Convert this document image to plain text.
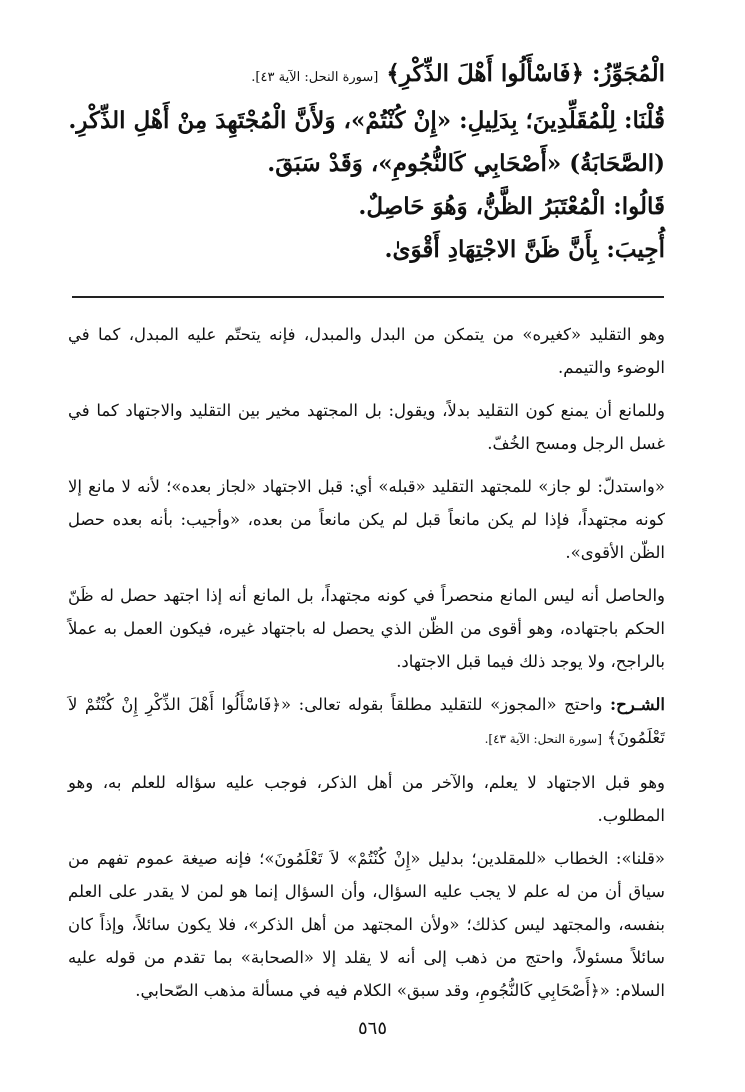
الْمُجَوِّزُ: ﴿فَاسْأَلُوا أَهْلَ الذِّكْرِ﴾ [سورة النحل: الآية ٤٣].
قُلْنَا: لِلْمُقَلِّدِينَ؛ بِدَلِيلِ: «إِنْ كُنْتُمْ»، وَلأَنَّ الْمُجْتَهِدَ مِنْ أَهْلِ الذِّكْرِ.
(الصَّحَابَةُ) «أَصْحَابِي كَالنُّجُومِ»، وَقَدْ سَبَقَ.
قَالُوا: الْمُعْتَبَرُ الظَّنُّ، وَهُوَ حَاصِلٌ.
أُجِيبَ: بِأَنَّ ظَنَّ الاجْتِهَادِ أَقْوَىٰ.

وهو التقليد «كغيره» من يتمكن من البدل والمبدل، فإنه يتحتّم عليه المبدل، كما في الوضوء والتيمم.

وللمانع أن يمنع كون التقليد بدلاً، ويقول: بل المجتهد مخير بين التقليد والاجتهاد كما في غسل الرجل ومسح الخُفّ.

«واستدلّ: لو جاز» للمجتهد التقليد «قبله» أي: قبل الاجتهاد «لجاز بعده»؛ لأنه لا مانع إلا كونه مجتهداً، فإذا لم يكن مانعاً قبل لم يكن مانعاً من بعده، «وأجيب: بأنه بعده حصل الظّن الأقوى».

والحاصل أنه ليس المانع منحصراً في كونه مجتهداً، بل المانع أنه إذا اجتهد حصل له ظَنّ الحكم باجتهاده، وهو أقوى من الظّن الذي يحصل له باجتهاد غيره، فيكون العمل به عملاً بالراجح، ولا يوجد ذلك فيما قبل الاجتهاد.

الشـرح: واحتج «المجوز» للتقليد مطلقاً بقوله تعالى: «﴿فَاسْأَلُوا أَهْلَ الذِّكْرِ إِنْ كُنْتُمْ لاَ تَعْلَمُونَ﴾ [سورة النحل: الآية ٤٣].

وهو قبل الاجتهاد لا يعلم، والآخر من أهل الذكر، فوجب عليه سؤاله للعلم به، وهو المطلوب.

«قلنا»: الخطاب «للمقلدين؛ بدليل «إِنْ كُنْتُمْ» لاَ تَعْلَمُونَ»؛ فإنه صيغة عموم تفهم من سياق أن من له علم لا يجب عليه السؤال، وأن السؤال إنما هو لمن لا يقدر على العلم بنفسه، والمجتهد ليس كذلك؛ «ولأن المجتهد من أهل الذكر»، فلا يكون سائلاً، وإذاً كان سائلاً مسئولاً، واحتج من ذهب إلى أنه لا يقلد إلا «الصحابة» بما تقدم من قوله عليه السلام: «﴿أَصْحَابِي كَالنُّجُومِ، وقد سبق» الكلام فيه في مسألة مذهب الصّحابي.

٥٦٥
